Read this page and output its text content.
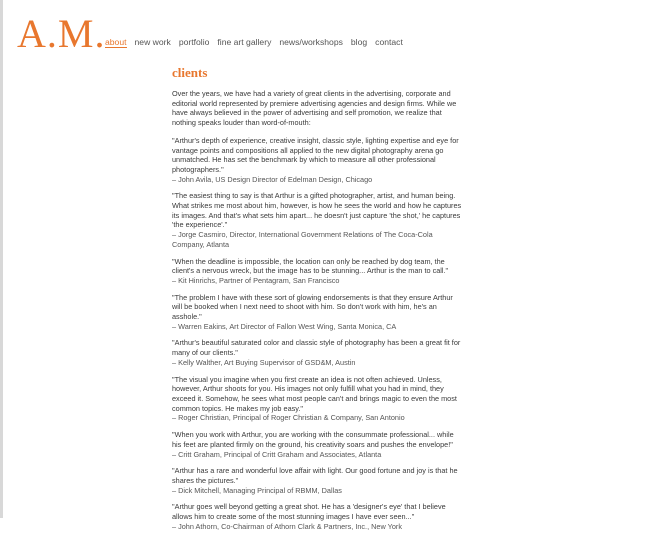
A.M. about new work portfolio fine art gallery news/workshops blog contact
clients

Over the years, we have had a variety of great clients in the advertising, corporate and editorial world represented by premiere advertising agencies and design firms. While we have always believed in the power of advertising and self promotion, we realize that nothing speaks louder than word-of-mouth:

"Arthur's depth of experience, creative insight, classic style, lighting expertise and eye for vantage points and compositions all applied to the new digital photography arena go unmatched. He has set the benchmark by which to measure all other professional photographers."
– John Avila, US Design Director of Edelman Design, Chicago
"The easiest thing to say is that Arthur is a gifted photographer, artist, and human being. What strikes me most about him, however, is how he sees the world and how he captures its images. And that's what sets him apart... he doesn't just capture 'the shot,' he captures 'the experience'."
– Jorge Casmiro, Director, International Government Relations of The Coca-Cola Company, Atlanta
"When the deadline is impossible, the location can only be reached by dog team, the client's a nervous wreck, but the image has to be stunning... Arthur is the man to call."
– Kit Hinrichs, Partner of Pentagram, San Francisco
"The problem I have with these sort of glowing endorsements is that they ensure Arthur will be booked when I next need to shoot with him. So don't work with him, he's an asshole."
– Warren Eakins, Art Director of Fallon West Wing, Santa Monica, CA
"Arthur's beautiful saturated color and classic style of photography has been a great fit for many of our clients."
– Kelly Walther, Art Buying Supervisor of GSD&M, Austin
"The visual you imagine when you first create an idea is not often achieved. Unless, however, Arthur shoots for you. His images not only fulfill what you had in mind, they exceed it. Somehow, he sees what most people can't and brings magic to even the most common topics. He makes my job easy."
– Roger Christian, Principal of Roger Christian & Company, San Antonio
"When you work with Arthur, you are working with the consummate professional... while his feet are planted firmly on the ground, his creativity soars and pushes the envelope!"
– Critt Graham, Principal of Critt Graham and Associates, Atlanta
"Arthur has a rare and wonderful love affair with light. Our good fortune and joy is that he shares the pictures."
– Dick Mitchell, Managing Principal of RBMM, Dallas
"Arthur goes well beyond getting a great shot. He has a 'designer's eye' that I believe allows him to create some of the most stunning images I have ever seen..."
– John Athorn, Co-Chairman of Athorn Clark & Partners, Inc., New York
